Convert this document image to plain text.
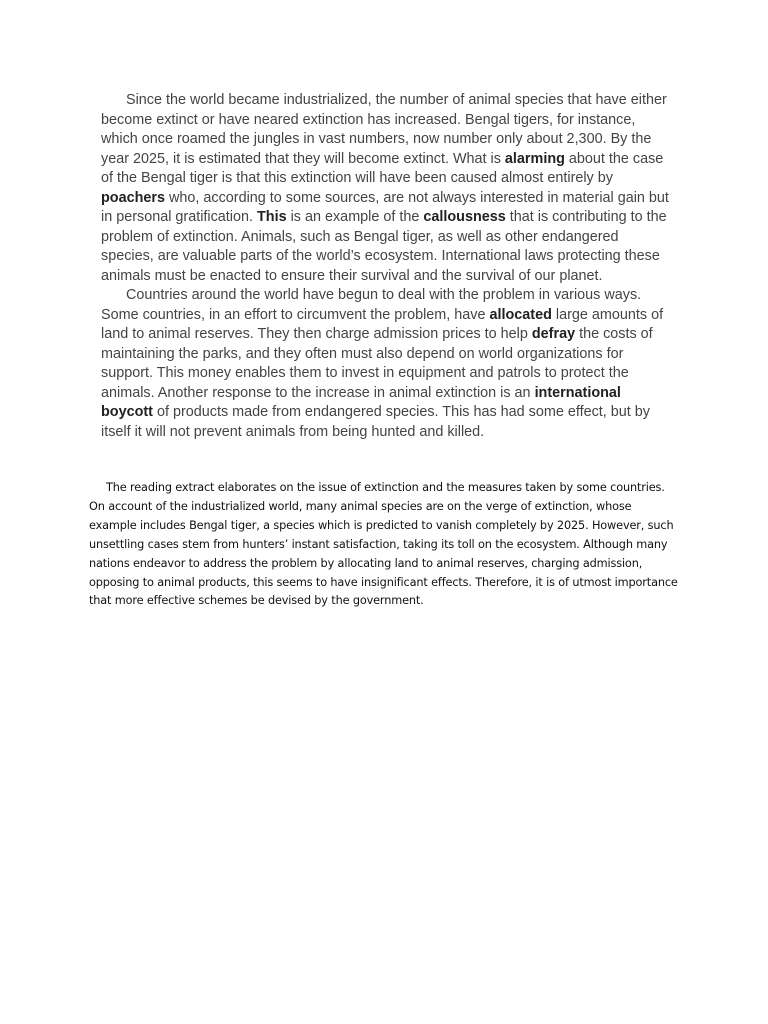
Since the world became industrialized, the number of animal species that have either become extinct or have neared extinction has increased. Bengal tigers, for instance, which once roamed the jungles in vast numbers, now number only about 2,300. By the year 2025, it is estimated that they will become extinct. What is alarming about the case of the Bengal tiger is that this extinction will have been caused almost entirely by poachers who, according to some sources, are not always interested in material gain but in personal gratification. This is an example of the callousness that is contributing to the problem of extinction. Animals, such as Bengal tiger, as well as other endangered species, are valuable parts of the world’s ecosystem. International laws protecting these animals must be enacted to ensure their survival and the survival of our planet.

Countries around the world have begun to deal with the problem in various ways. Some countries, in an effort to circumvent the problem, have allocated large amounts of land to animal reserves. They then charge admission prices to help defray the costs of maintaining the parks, and they often must also depend on world organizations for support. This money enables them to invest in equipment and patrols to protect the animals. Another response to the increase in animal extinction is an international boycott of products made from endangered species. This has had some effect, but by itself it will not prevent animals from being hunted and killed.

The reading extract elaborates on the issue of extinction and the measures taken by some countries. On account of the industrialized world, many animal species are on the verge of extinction, whose example includes Bengal tiger, a species which is predicted to vanish completely by 2025. However, such unsettling cases stem from hunters’ instant satisfaction, taking its toll on the ecosystem. Although many nations endeavor to address the problem by allocating land to animal reserves, charging admission, opposing to animal products, this seems to have insignificant effects. Therefore, it is of utmost importance that more effective schemes be devised by the government.
